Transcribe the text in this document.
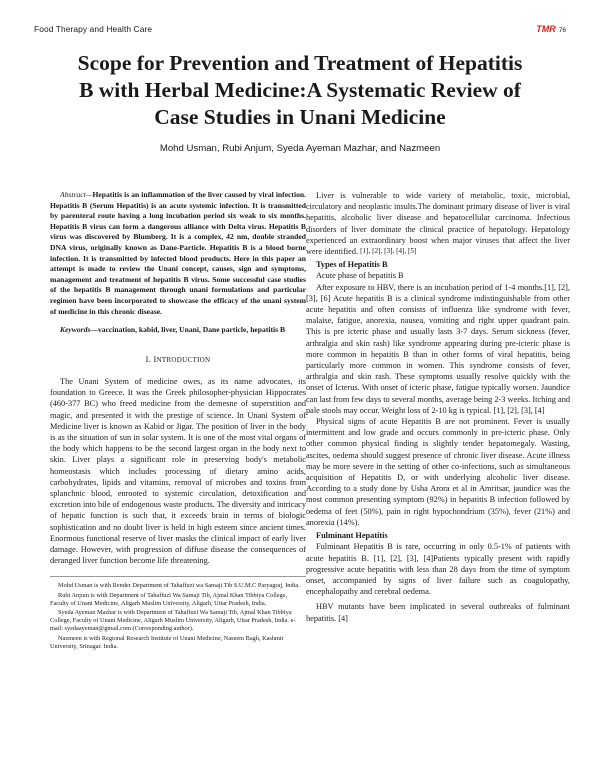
Food Therapy and Health Care	TMR 76
Scope for Prevention and Treatment of Hepatitis
B with Herbal Medicine:A Systematic Review of
Case Studies in Unani Medicine
Mohd Usman, Rubi Anjum, Syeda Ayeman Mazhar, and Nazmeen

Abstract—Hepatitis is an inflammation of the liver caused by viral infection. Hepatitis B (Serum Hepatitis) is an acute systemic infection. It is transmitted by parenteral route having a long incubation period six weak to six months. Hepatitis B virus can form a dangerous alliance with Delta virus. Hepatitis B virus was discovered by Blumberg. It is a complex, 42 nm, double stranded DNA virus, originally known as Dane-Particle. Hepatitis B is a blood borne infection. It is transmitted by infected blood products. Here in this paper an attempt is made to review the Unani concept, causes, sign and symptoms, management and treatment of hepatitis B virus. Some successful case studies of the hepatitis B management through unani formulations and particular regimen have been incorporated to showcase the efficacy of the unani system of medicine in this chronic disease.

Keywords—vaccination, kabid, liver, Unani, Dane particle, hepatitis B

I. INTRODUCTION

The Unani System of medicine owes, as its name advocates, its foundation to Greece. It was the Greek philosopher-physician Hippocrates (460-377 BC) who freed medicine from the demesne of superstition and magic, and presented it with the prestige of science. In Unani System of Medicine liver is known as Kabid or Jigar. The position of liver in the body is as the situation of sun in solar system. It is one of the most vital organs of the body which happens to be the second largest organ in the body next to skin. Liver plays a significant role in preserving body's metabolic homeostasis which includes processing of dietary amino acids, carbohydrates, lipids and vitamins, removal of microbes and toxins from splanchnic blood, enrooted to systemic circulation, detoxification and excretion into bile of endogenous waste products. The diversity and intricacy of hepatic function is such that, it exceeds brain in terms of biologic sophistication and no doubt liver is held in high esteem since ancient times. Enormous functional reserve of liver masks the clinical impact of early liver damage. However, with progression of diffuse disease the consequences of deranged liver function become life threatening.

Mohd Usman is with Render Department of Tahaffuzi wa Samaji Tib S.U.M.C Paryagraj, India.

Rubi Anjum is with Department of Tahaffuzi Wa Samaji Tib, Ajmal Khan Tibbiya College, Faculty of Unani Medicine, Aligarh Muslim University, Aligarh, Uttar Pradesh, India.

Syeda Ayeman Mazhar is with Department of Tahaffuzi Wa Samaji Tib, Ajmal Khan Tibbiya College, Faculty of Unani Medicine, Aligarh Muslim University, Aligarh, Uttar Pradesh, India. e-mail: syedaayeman@gmail.com (Corresponding author).

Nazmeen is with Regional Research Institute of Unani Medicine, Naseem Bagh, Kashmir University, Srinagar. India.

Liver is vulnerable to wide variety of metabolic, toxic, microbial, circulatory and neoplastic insults.The dominant primary disease of liver is viral hepatitis, alcoholic liver disease and hepatocellular carcinoma. Infectious disorders of liver dominate the clinical practice of hepatology. Hepatology experienced an extraordinary boost when major viruses that affect the liver were identified. [1], [2], [3], [4], [5]

Types of Hepatitis B

Acute phase of hepatitis B

After exposure to HBV, there is an incubation period of 1-4 months.[1], [2], [3], [6] Acute hepatitis B is a clinical syndrome indistinguishable from other acute hepatitis and often consists of influenza like syndrome with fever, malaise, fatigue, anorexia, nausea, vomiting and right upper quadrant pain. This is pre icteric phase and usually lasts 3-7 days. Serum sickness (fever, arthralgia and skin rash) like syndrome appearing during pre-icteric phase is more common in hepatitis B than in other forms of viral hepatitis, being particularly more common in women. This syndrome consists of fever, arthralgia and skin rash. These symptoms usually resolve quickly with the onset of Icterus. With onset of icteric phase, fatigue typically worsen. Jaundice can last from few days to several months, average being 2-3 weeks. Itching and pale stools may occur. Weight loss of 2-10 kg is typical. [1], [2], [3], [4]

Physical signs of acute Hepatitis B are not prominent. Fever is usually intermittent and low grade and occurs commonly in pre-icteric phase. Only other common physical finding is slightly tender hepatomegaly. Wasting, ascites, oedema should suggest presence of chronic liver disease. Acute illness may be more severe in the setting of other co-infections, such as simultaneous acquisition of Hepatitis D, or with underlying alcoholic liver disease. According to a study done by Usha Arora et al in Amritsar, jaundice was the most common presenting symptom (92%) in hepatitis B infection followed by oedema of feet (50%), pain in right hypochondrium (35%), fever (21%) and anorexia (14%).

Fulminant Hepatitis

Fulminant Hepatitis B is rare, occurring in only 0.5-1% of patients with acute hepatitis B. [1], [2], [3], [4]Patients typically present with rapidly progressive acute hepatitis with less than 28 days from the time of symptom onset, accompanied by signs of liver failure such as coagulopathy, encephalopathy and cerebral oedema.

HBV mutants have been implicated in several outbreaks of fulminant hepatitis. [4]
